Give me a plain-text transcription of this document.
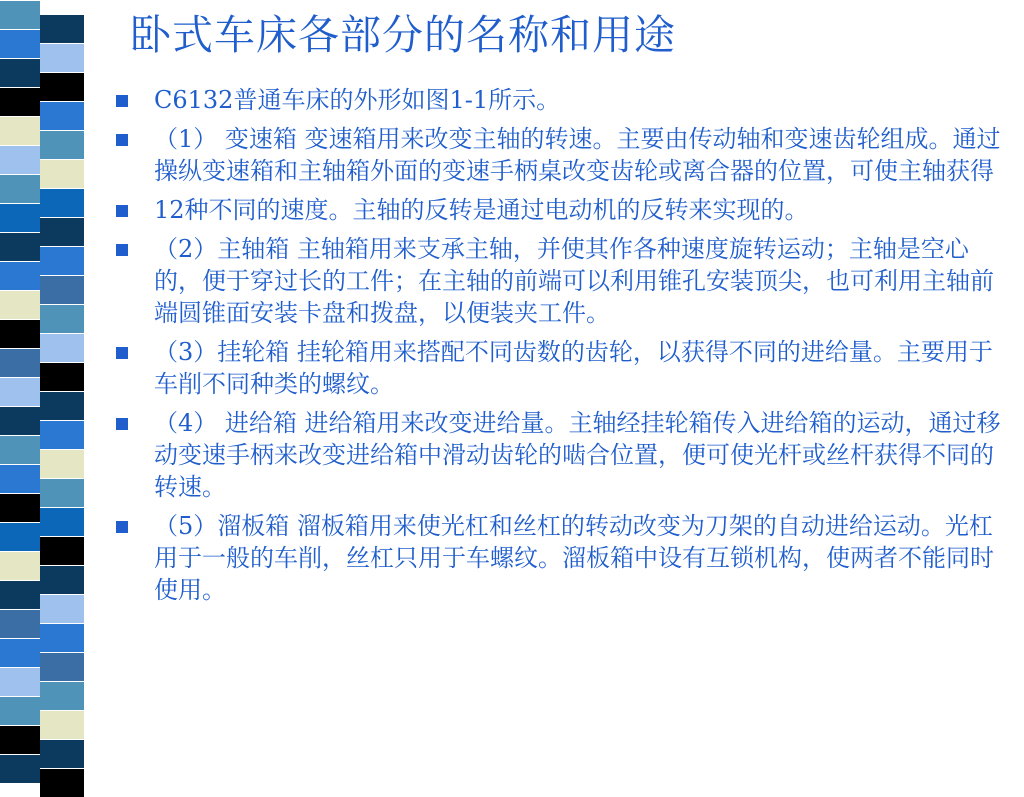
卧式车床各部分的名称和用途
C6132普通车床的外形如图1-1所示。
（1） 变速箱 变速箱用来改变主轴的转速。主要由传动轴和变速齿轮组成。通过操纵变速箱和主轴箱外面的变速手柄桌改变齿轮或离合器的位置，可使主轴获得
12种不同的速度。主轴的反转是通过电动机的反转来实现的。
（2）主轴箱 主轴箱用来支承主轴，并使其作各种速度旋转运动；主轴是空心的，便于穿过长的工件；在主轴的前端可以利用锥孔安装顶尖，也可利用主轴前端圆锥面安装卡盘和拨盘，以便装夹工件。
（3）挂轮箱 挂轮箱用来搭配不同齿数的齿轮，以获得不同的进给量。主要用于车削不同种类的螺纹。
（4） 进给箱 进给箱用来改变进给量。主轴经挂轮箱传入进给箱的运动，通过移动变速手柄来改变进给箱中滑动齿轮的啮合位置，便可使光杆或丝杆获得不同的转速。
（5）溜板箱 溜板箱用来使光杠和丝杠的转动改变为刀架的自动进给运动。光杠用于一般的车削，丝杠只用于车螺纹。溜板箱中设有互锁机构，使两者不能同时使用。
